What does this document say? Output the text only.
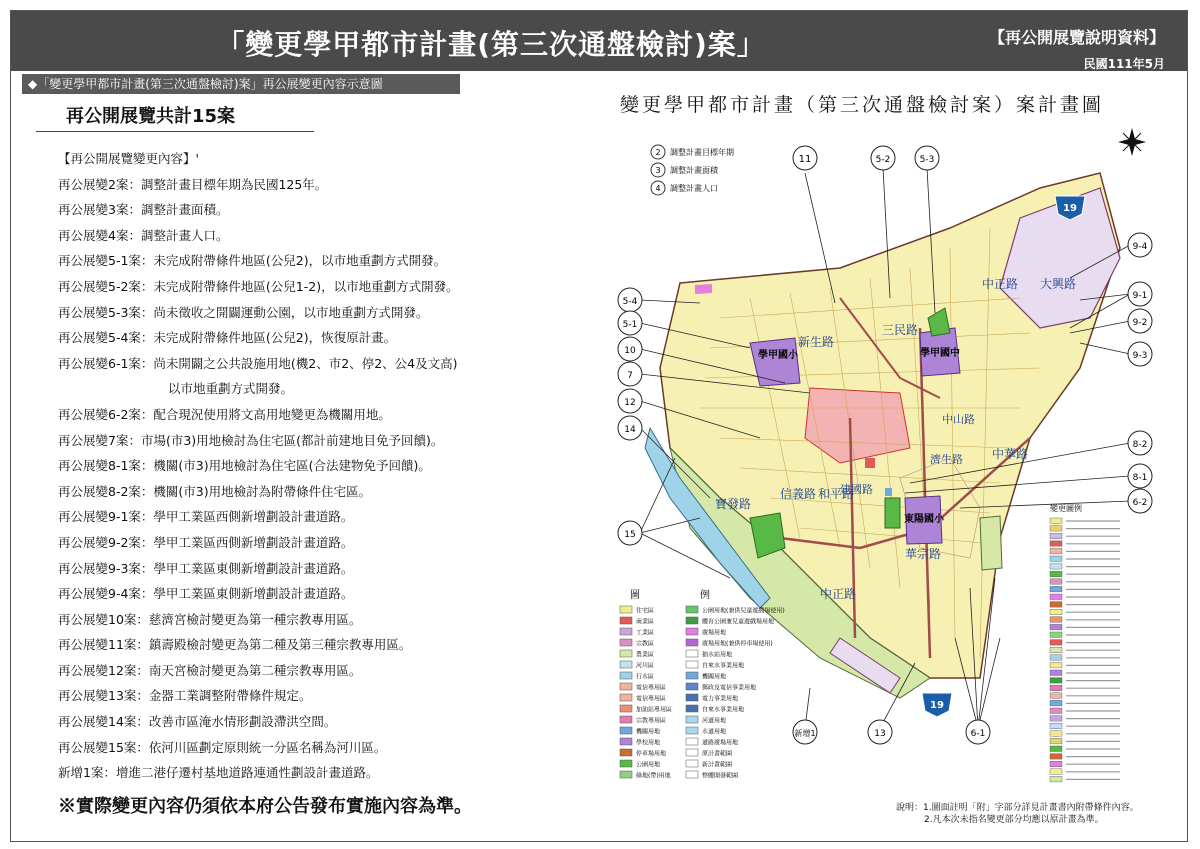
「變更學甲都市計畫(第三次通盤檢討)案」	【再公開展覽說明資料】
民國111年5月
◆「變更學甲都市計畫(第三次通盤檢討)案」再公展變更內容示意圖
再公開展覽共計15案
【再公開展覽變更內容】'
再公展變2案：調整計畫目標年期為民國125年。
再公展變3案：調整計畫面積。
再公展變4案：調整計畫人口。
再公展變5-1案：未完成附帶條件地區(公兒2)，以市地重劃方式開發。
再公展變5-2案：未完成附帶條件地區(公兒1-2)，以市地重劃方式開發。
再公展變5-3案：尚未徵收之開闢運動公園，以市地重劃方式開發。
再公展變5-4案：未完成附帶條件地區(公兒2)，恢復原計畫。
再公展變6-1案：尚未開闢之公共設施用地(機2、市2、停2、公4及文高)
以市地重劃方式開發。
再公展變6-2案：配合現況使用將文高用地變更為機關用地。
再公展變7案：市場(市3)用地檢討為住宅區(都計前建地目免予回饋)。
再公展變8-1案：機關(市3)用地檢討為住宅區(合法建物免予回饋)。
再公展變8-2案：機關(市3)用地檢討為附帶條件住宅區。
再公展變9-1案：學甲工業區西側新增劃設計畫道路。
再公展變9-2案：學甲工業區西側新增劃設計畫道路。
再公展變9-3案：學甲工業區東側新增劃設計畫道路。
再公展變9-4案：學甲工業區東側新增劃設計畫道路。
再公展變10案：慈濟宮檢討變更為第一種宗教專用區。
再公展變11案：鎮壽殿檢討變更為第二種及第三種宗教專用區。
再公展變12案：南天宮檢討變更為第二種宗教專用區。
再公展變13案：金器工業調整附帶條件規定。
再公展變14案：改善市區淹水情形劃設滯洪空間。
再公展變15案：依河川區劃定原則統一分區名稱為河川區。
新增1案：增進二港仔遷村基地道路連通性劃設計畫道路。
※實際變更內容仍須依本府公告發布實施內容為準。
變更學甲都市計畫（第三次通盤檢討案）案計畫圖
2 調整計畫目標年期
3 調整計畫面積
4 調整計畫人口
學甲國小	學甲國中
東陽國小
中正路
中華路
新生路
三民路
建國路
華宗路
中山路
濟生路
和平路
信義路
寶發路
大興路
中正路
19
19
11	5-2	5-3
5-4
5-1
10
7
12
14
15
9-4
9-1
9-2
9-3
8-2
8-1
6-2
新增1	13	6-1
圖	例
住宅區
商業區
工業區
宗教區
農業區
河川區
行水區
電信專用區
電信專用區
加油站專用區
宗教專用區
機關用地
學校用地
停車場用地
公園用地
綠地(帶)用地
公園用地(兼供兒童遊戲場使用)
體育公園兼兒童遊戲場用地
廣場用地
廣場用地(兼供停車場使用)
抽水站用地
自來水事業用地
機關用地
郵政及電信事業用地
電力事業用地
自來水事業用地
河道用地
水道用地
道路廣場用地
原計畫範圍
新計畫範圍
整體開發範圍
變更圖例
說明：1.圖面註明「附」字部分詳見計畫書內附帶條件內容。
2.凡本次未指名變更部分均應以原計畫為準。
